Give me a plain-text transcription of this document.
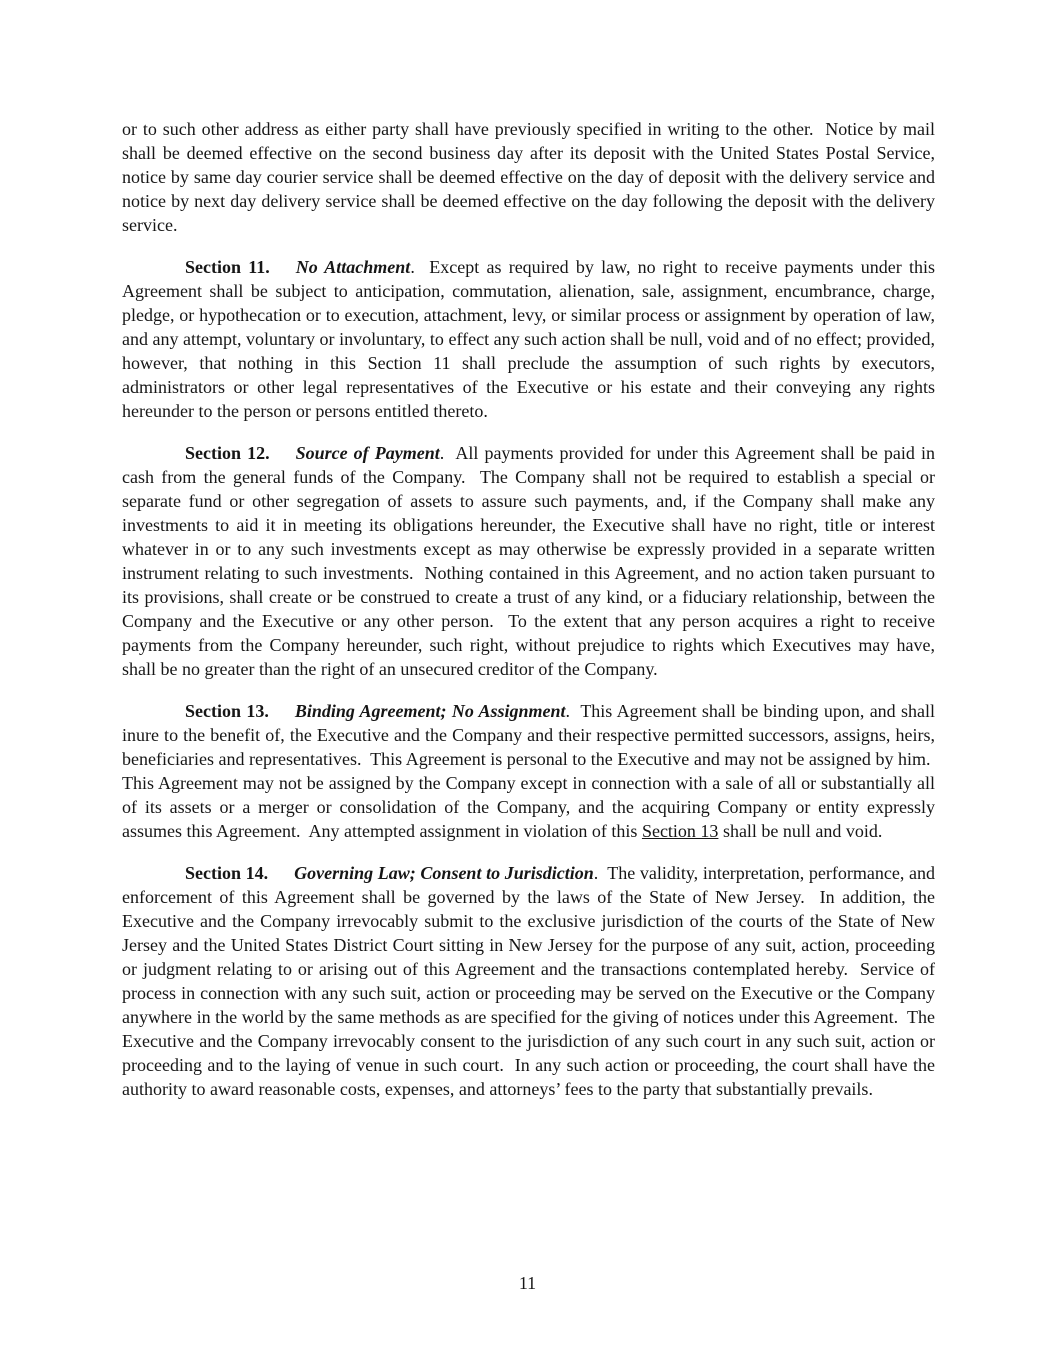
or to such other address as either party shall have previously specified in writing to the other.  Notice by mail shall be deemed effective on the second business day after its deposit with the United States Postal Service, notice by same day courier service shall be deemed effective on the day of deposit with the delivery service and notice by next day delivery service shall be deemed effective on the day following the deposit with the delivery service.

Section 11. No Attachment.  Except as required by law, no right to receive payments under this Agreement shall be subject to anticipation, commutation, alienation, sale, assignment, encumbrance, charge, pledge, or hypothecation or to execution, attachment, levy, or similar process or assignment by operation of law, and any attempt, voluntary or involuntary, to effect any such action shall be null, void and of no effect; provided, however, that nothing in this Section 11 shall preclude the assumption of such rights by executors, administrators or other legal representatives of the Executive or his estate and their conveying any rights hereunder to the person or persons entitled thereto.

Section 12. Source of Payment.  All payments provided for under this Agreement shall be paid in cash from the general funds of the Company.  The Company shall not be required to establish a special or separate fund or other segregation of assets to assure such payments, and, if the Company shall make any investments to aid it in meeting its obligations hereunder, the Executive shall have no right, title or interest whatever in or to any such investments except as may otherwise be expressly provided in a separate written instrument relating to such investments.  Nothing contained in this Agreement, and no action taken pursuant to its provisions, shall create or be construed to create a trust of any kind, or a fiduciary relationship, between the Company and the Executive or any other person.  To the extent that any person acquires a right to receive payments from the Company hereunder, such right, without prejudice to rights which Executives may have, shall be no greater than the right of an unsecured creditor of the Company.

Section 13. Binding Agreement; No Assignment.  This Agreement shall be binding upon, and shall inure to the benefit of, the Executive and the Company and their respective permitted successors, assigns, heirs, beneficiaries and representatives.  This Agreement is personal to the Executive and may not be assigned by him.  This Agreement may not be assigned by the Company except in connection with a sale of all or substantially all of its assets or a merger or consolidation of the Company, and the acquiring Company or entity expressly assumes this Agreement.  Any attempted assignment in violation of this Section 13 shall be null and void.

Section 14. Governing Law; Consent to Jurisdiction.  The validity, interpretation, performance, and enforcement of this Agreement shall be governed by the laws of the State of New Jersey.  In addition, the Executive and the Company irrevocably submit to the exclusive jurisdiction of the courts of the State of New Jersey and the United States District Court sitting in New Jersey for the purpose of any suit, action, proceeding or judgment relating to or arising out of this Agreement and the transactions contemplated hereby.  Service of process in connection with any such suit, action or proceeding may be served on the Executive or the Company anywhere in the world by the same methods as are specified for the giving of notices under this Agreement.  The Executive and the Company irrevocably consent to the jurisdiction of any such court in any such suit, action or proceeding and to the laying of venue in such court.  In any such action or proceeding, the court shall have the authority to award reasonable costs, expenses, and attorneys’ fees to the party that substantially prevails.

11
